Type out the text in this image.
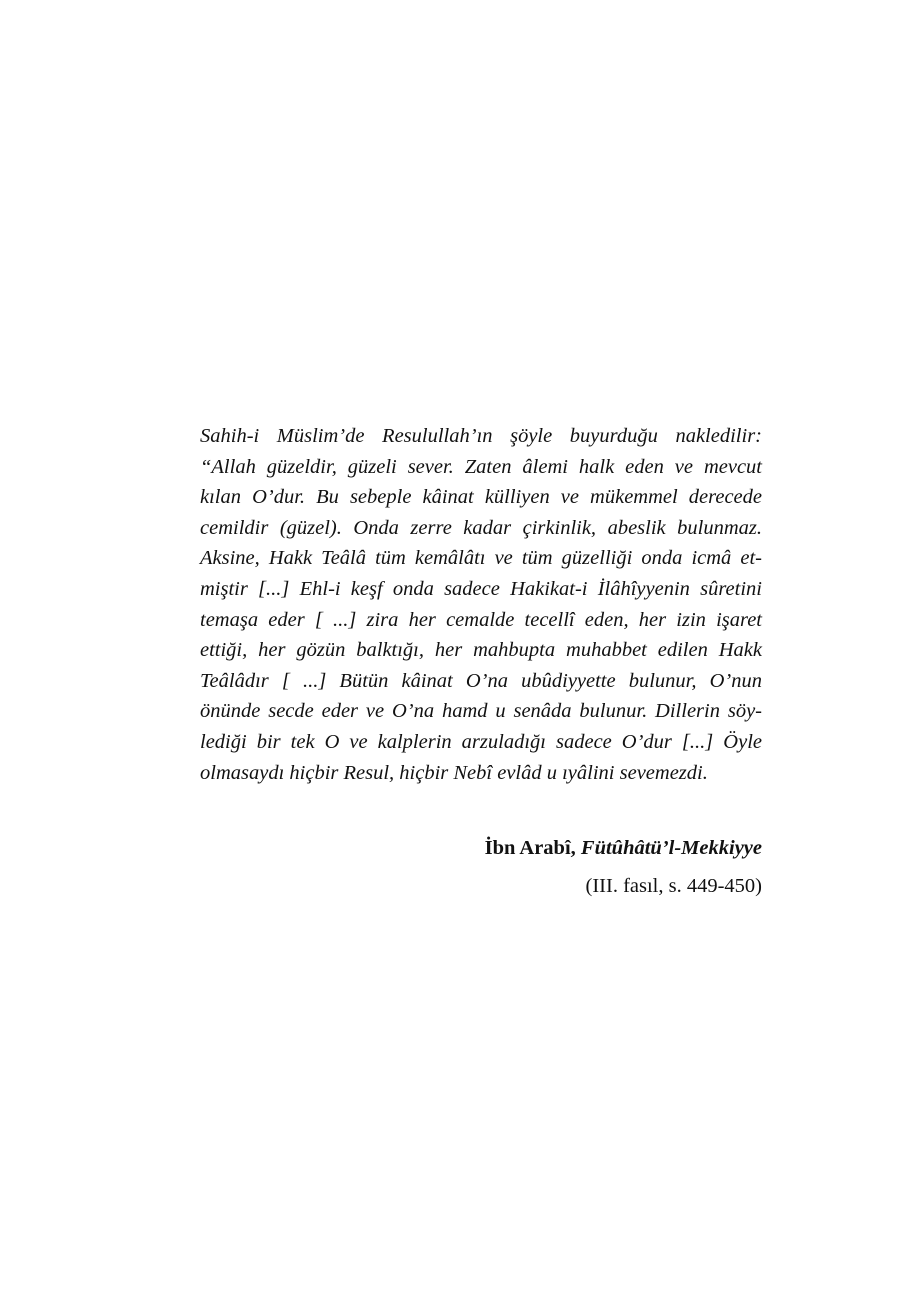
Sahih-i Müslim’de Resulullah’ın şöyle buyurduğu nakledilir:
“Allah güzeldir, güzeli sever. Zaten âlemi halk eden ve mevcut
kılan O’dur. Bu sebeple kâinat külliyen ve mükemmel derecede
cemildir (güzel). Onda zerre kadar çirkinlik, abeslik bulunmaz.
Aksine, Hakk Teâlâ tüm kemâlâtı ve tüm güzelliği onda icmâ et-
miştir [...] Ehl-i keşf onda sadece Hakikat-i İlâhîyyenin sûretini
temaşa eder [ ...] zira her cemalde tecellî eden, her izin işaret
ettiği, her gözün balktığı, her mahbupta muhabbet edilen Hakk
Teâlâdır [ ...] Bütün kâinat O’na ubûdiyyette bulunur, O’nun
önünde secde eder ve O’na hamd u senâda bulunur. Dillerin söy-
lediği bir tek O ve kalplerin arzuladığı sadece O’dur [...] Öyle
olmasaydı hiçbir Resul, hiçbir Nebî evlâd u ıyâlini sevemezdi.
İbn Arabî, Fütûhâtü’l-Mekkiyye
(III. fasıl, s. 449-450)
